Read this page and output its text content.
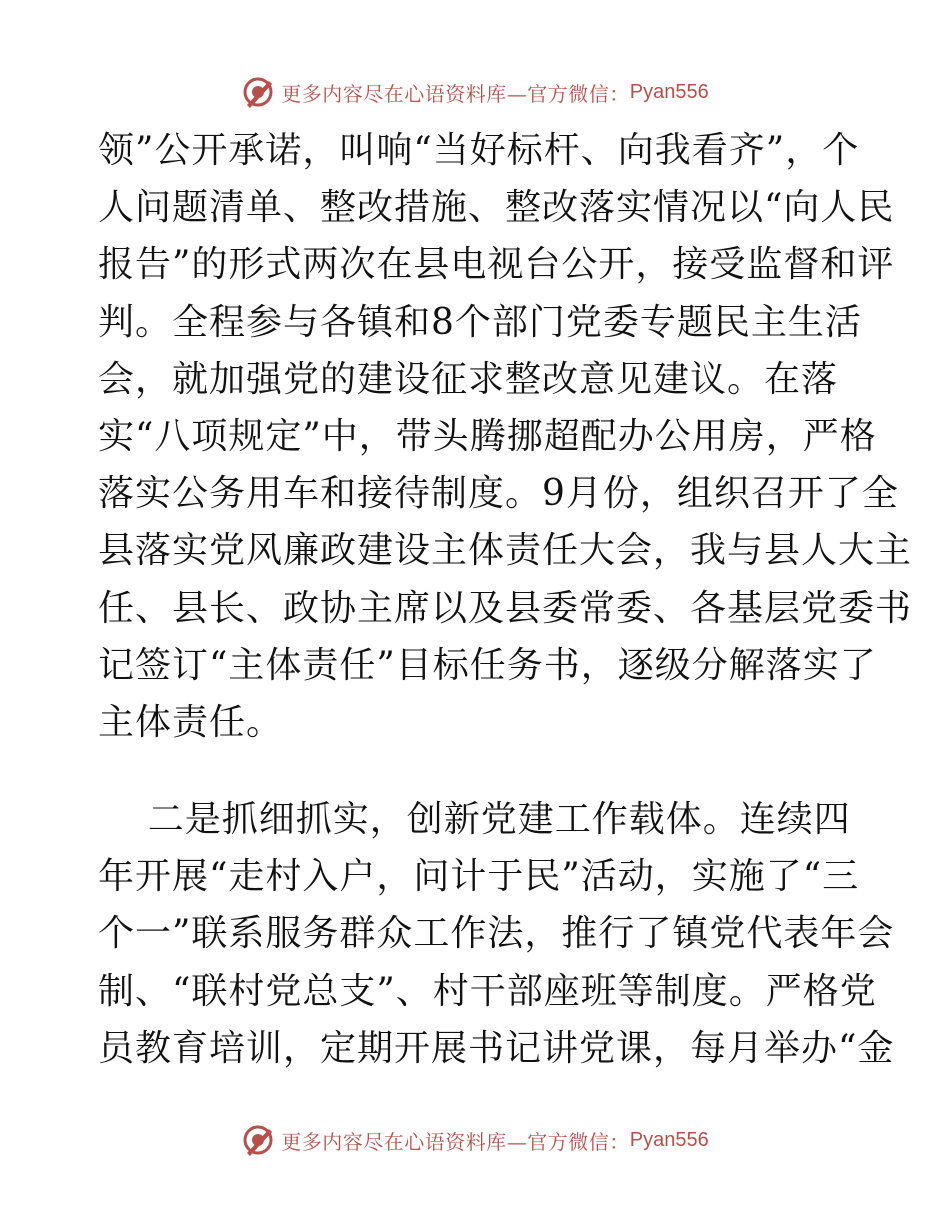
更多内容尽在心语资料库—官方微信： Pyan556
领”公开承诺，叫响“当好标杆、向我看齐”，个
人问题清单、整改措施、整改落实情况以“向人民
报告”的形式两次在县电视台公开，接受监督和评
判。全程参与各镇和8个部门党委专题民主生活
会，就加强党的建设征求整改意见建议。在落
实“八项规定”中，带头腾挪超配办公用房，严格
落实公务用车和接待制度。9月份，组织召开了全
县落实党风廉政建设主体责任大会，我与县人大主
任、县长、政协主席以及县委常委、各基层党委书
记签订“主体责任”目标任务书，逐级分解落实了
主体责任。
二是抓细抓实，创新党建工作载体。连续四
年开展“走村入户，问计于民”活动，实施了“三
个一”联系服务群众工作法，推行了镇党代表年会
制、“联村党总支”、村干部座班等制度。严格党
员教育培训，定期开展书记讲党课，每月举办“金
更多内容尽在心语资料库—官方微信： Pyan556
